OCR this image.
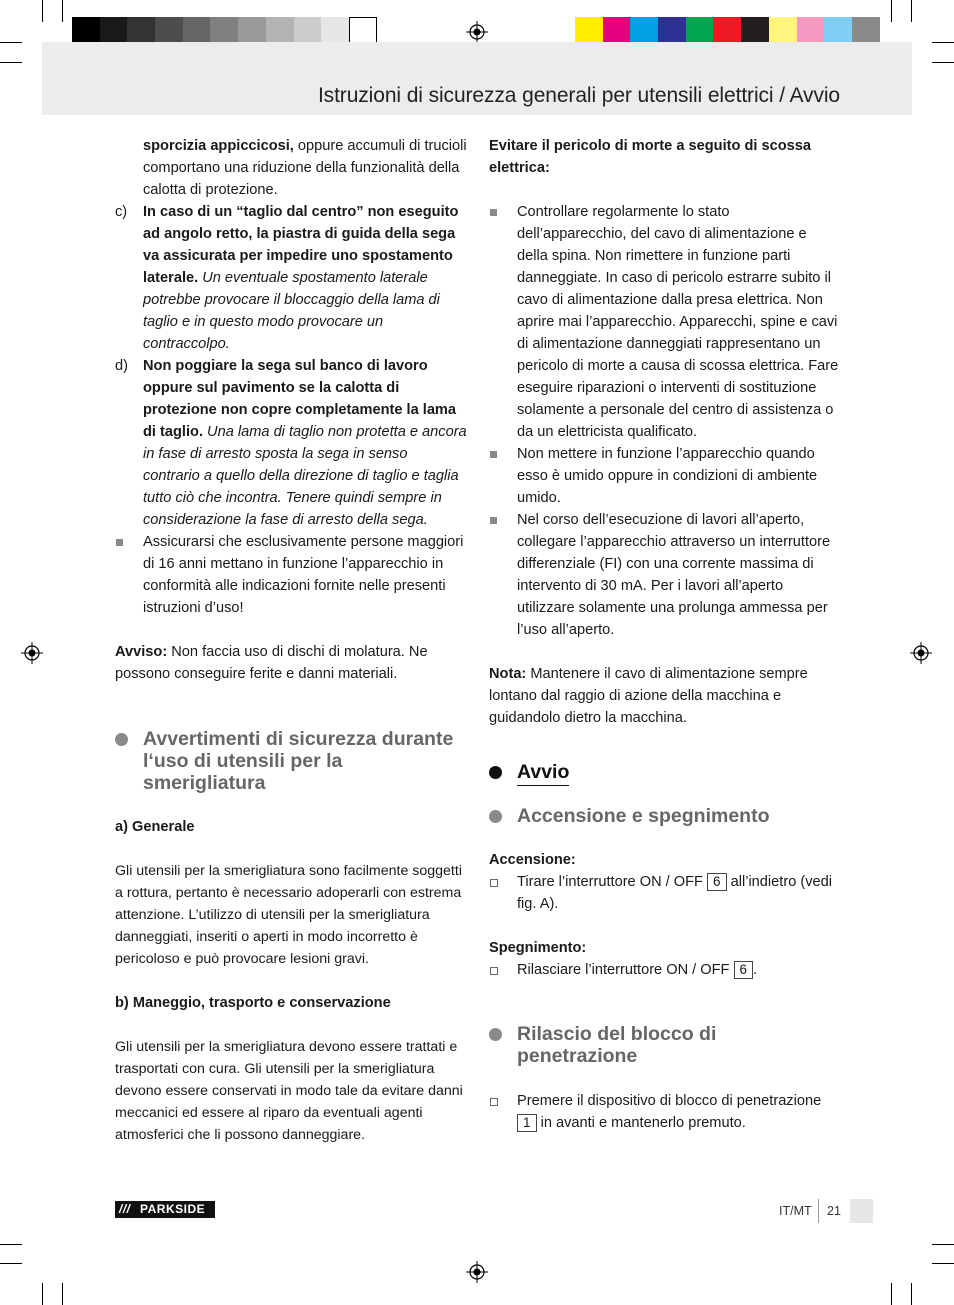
Istruzioni di sicurezza generali per utensili elettrici / Avvio

sporcizia appiccicosi, oppure accumuli di trucioli comportano una riduzione della funzionalità della calotta di protezione.

c) In caso di un “taglio dal centro” non eseguito ad angolo retto, la piastra di guida della sega va assicurata per impedire uno spostamento laterale. Un eventuale spostamento laterale potrebbe provocare il bloccaggio della lama di taglio e in questo modo provocare un contraccolpo.
d) Non poggiare la sega sul banco di lavoro oppure sul pavimento se la calotta di protezione non copre completamente la lama di taglio. Una lama di taglio non protetta e ancora in fase di arresto sposta la sega in senso contrario a quello della direzione di taglio e taglia tutto ciò che incontra. Tenere quindi sempre in considerazione la fase di arresto della sega.
Assicurarsi che esclusivamente persone maggiori di 16 anni mettano in funzione l’apparecchio in conformità alle indicazioni fornite nelle presenti istruzioni d’uso!

Avviso: Non faccia uso di dischi di molatura. Ne possono conseguire ferite e danni materiali.

Avvertimenti di sicurezza durante l‘uso di utensili per la smerigliatura

a) Generale

Gli utensili per la smerigliatura sono facilmente soggetti a rottura, pertanto è necessario adoperarli con estrema attenzione. L’utilizzo di utensili per la smerigliatura danneggiati, inseriti o aperti in modo incorretto è pericoloso e può provocare lesioni gravi.

b) Maneggio, trasporto e conservazione

Gli utensili per la smerigliatura devono essere trattati e trasportati con cura. Gli utensili per la smerigliatura devono essere conservati in modo tale da evitare danni meccanici ed essere al riparo da eventuali agenti atmosferici che li possono danneggiare.

Evitare il pericolo di morte a seguito di scossa elettrica:

Controllare regolarmente lo stato dell’apparecchio, del cavo di alimentazione e della spina. Non rimettere in funzione parti danneggiate. In caso di pericolo estrarre subito il cavo di alimentazione dalla presa elettrica. Non aprire mai l’apparecchio. Apparecchi, spine e cavi di alimentazione danneggiati rappresentano un pericolo di morte a causa di scossa elettrica. Fare eseguire riparazioni o interventi di sostituzione solamente a personale del centro di assistenza o da un elettricista qualificato.
Non mettere in funzione l’apparecchio quando esso è umido oppure in condizioni di ambiente umido.
Nel corso dell’esecuzione di lavori all’aperto, collegare l’apparecchio attraverso un interruttore differenziale (FI) con una corrente massima di intervento di 30 mA. Per i lavori all’aperto utilizzare solamente una prolunga ammessa per l’uso all’aperto.

Nota: Mantenere il cavo di alimentazione sempre lontano dal raggio di azione della macchina e guidandolo dietro la macchina.

Avvio
Accensione e spegnimento

Accensione:

Tirare l’interruttore ON / OFF 6 all’indietro (vedi fig. A).

Spegnimento:

Rilasciare l’interruttore ON / OFF 6 .
Rilascio del blocco di penetrazione
Premere il dispositivo di blocco di penetrazione
1 in avanti e mantenerlo premuto.
/// PARKSIDE	IT/MT 21
